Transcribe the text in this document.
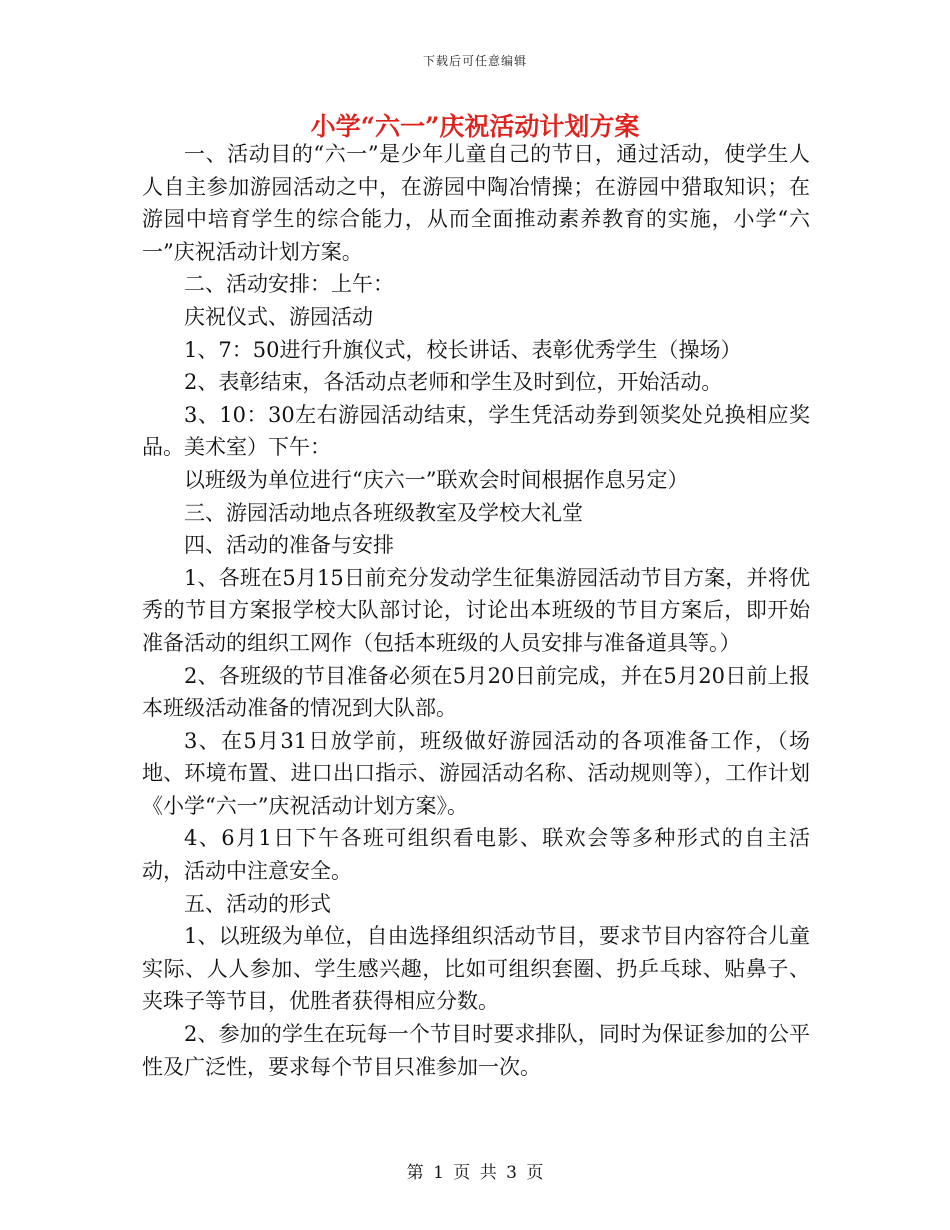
下载后可任意编辑
小学“六一”庆祝活动计划方案

一、活动目的“六一”是少年儿童自己的节日，通过活动，使学生人人自主参加游园活动之中，在游园中陶冶情操；在游园中猎取知识；在游园中培育学生的综合能力，从而全面推动素养教育的实施，小学“六一”庆祝活动计划方案。

二、活动安排：上午：

庆祝仪式、游园活动

1、7：50进行升旗仪式，校长讲话、表彰优秀学生（操场）

2、表彰结束，各活动点老师和学生及时到位，开始活动。

3、10：30左右游园活动结束，学生凭活动券到领奖处兑换相应奖品。美术室）下午：

以班级为单位进行“庆六一”联欢会时间根据作息另定）

三、游园活动地点各班级教室及学校大礼堂

四、活动的准备与安排

1、各班在5月15日前充分发动学生征集游园活动节目方案，并将优秀的节目方案报学校大队部讨论，讨论出本班级的节目方案后，即开始准备活动的组织工网作（包括本班级的人员安排与准备道具等。）

2、各班级的节目准备必须在5月20日前完成，并在5月20日前上报本班级活动准备的情况到大队部。

3、在5月31日放学前，班级做好游园活动的各项准备工作，（场地、环境布置、进口出口指示、游园活动名称、活动规则等），工作计划《小学“六一”庆祝活动计划方案》。

4、6月1日下午各班可组织看电影、联欢会等多种形式的自主活动，活动中注意安全。

五、活动的形式

1、以班级为单位，自由选择组织活动节目，要求节目内容符合儿童实际、人人参加、学生感兴趣，比如可组织套圈、扔乒乓球、贴鼻子、夹珠子等节目，优胜者获得相应分数。

2、参加的学生在玩每一个节目时要求排队，同时为保证参加的公平性及广泛性，要求每个节目只准参加一次。

第 1 页 共 3 页
